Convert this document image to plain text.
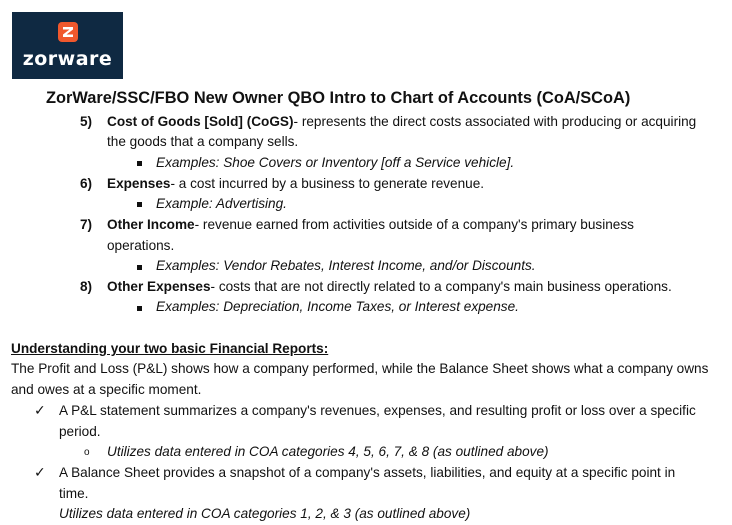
zorware
ZorWare/SSC/FBO New Owner QBO Intro to Chart of Accounts (CoA/SCoA)
5) Cost of Goods [Sold] (CoGS)- represents the direct costs associated with producing or acquiring
the goods that a company sells.
Examples: Shoe Covers or Inventory [off a Service vehicle].
6) Expenses- a cost incurred by a business to generate revenue.
Example: Advertising.
7) Other Income- revenue earned from activities outside of a company's primary business
operations.
Examples: Vendor Rebates, Interest Income, and/or Discounts.
8) Other Expenses- costs that are not directly related to a company's main business operations.
Examples: Depreciation, Income Taxes, or Interest expense.
Understanding your two basic Financial Reports:
The Profit and Loss (P&L) shows how a company performed, while the Balance Sheet shows what a company owns
and owes at a specific moment.
✓ A P&L statement summarizes a company's revenues, expenses, and resulting profit or loss over a specific
period.
o Utilizes data entered in COA categories 4, 5, 6, 7, & 8 (as outlined above)
✓ A Balance Sheet provides a snapshot of a company's assets, liabilities, and equity at a specific point in
time.
Utilizes data entered in COA categories 1, 2, & 3 (as outlined above)
